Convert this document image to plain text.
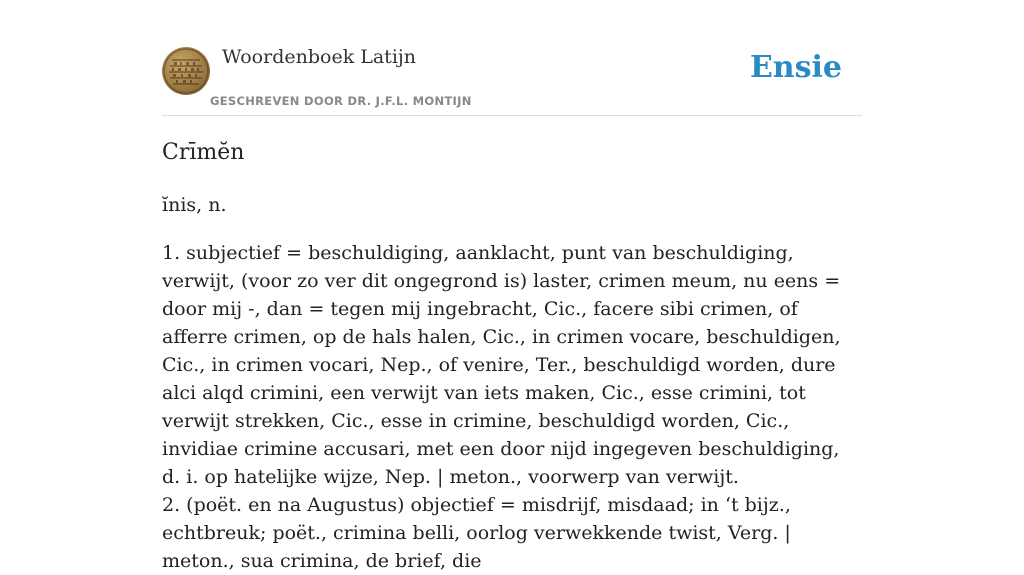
Woordenboek Latijn
GESCHREVEN DOOR DR. J.F.L. MONTIJN
Ensie
Crīmĕn
ĭnis, n.

1. subjectief = beschuldiging, aanklacht, punt van beschuldiging, verwijt, (voor zo ver dit ongegrond is) laster, crimen meum, nu eens = door mij -, dan = tegen mij ingebracht, Cic., facere sibi crimen, of afferre crimen, op de hals halen, Cic., in crimen vocare, beschuldigen, Cic., in crimen vocari, Nep., of venire, Ter., beschuldigd worden, dure alci alqd crimini, een verwijt van iets maken, Cic., esse crimini, tot verwijt strekken, Cic., esse in crimine, beschuldigd worden, Cic., invidiae crimine accusari, met een door nijd ingegeven beschuldiging, d. i. op hatelijke wijze, Nep. | meton., voorwerp van verwijt.

2. (poët. en na Augustus) objectief = misdrijf, misdaad; in ‘t bijz., echtbreuk; poët., crimina belli, oorlog verwekkende twist, Verg. | meton., sua crimina, de brief, die
